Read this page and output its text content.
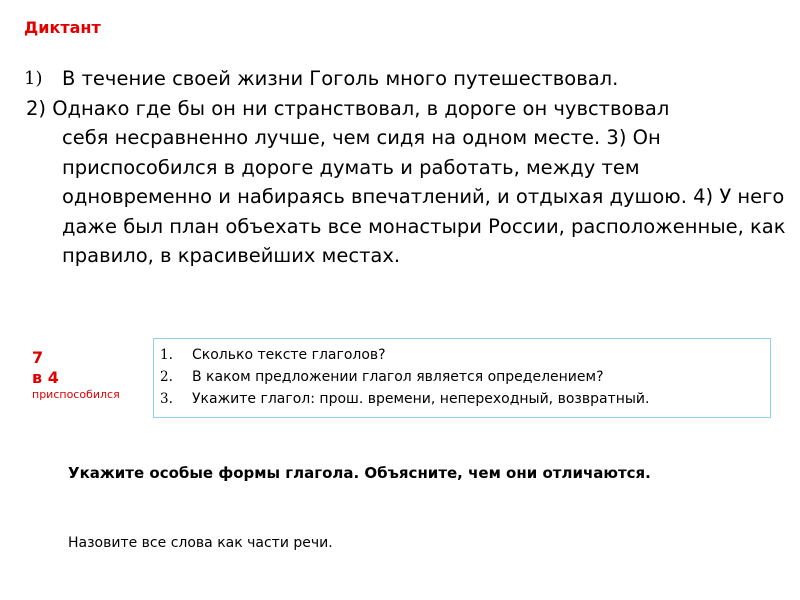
Диктант
1)	В течение своей жизни Гоголь много путешествовал.
2) Однако где бы он ни странствовал, в дороге он чувствовал
себя несравненно лучше, чем сидя на одном месте. 3) Он приспособился в дороге думать и работать, между тем одновременно и набираясь впечатлений, и отдыхая душою. 4) У него даже был план объехать все монастыри России, расположенные, как правило, в красивейших местах.
7
в 4
приспособился
1.	Сколько тексте глаголов?
2.	В каком предложении глагол является определением?
3.	Укажите глагол: прош. времени, непереходный, возвратный.
Укажите особые формы глагола. Объясните, чем они отличаются.
Назовите все слова как части речи.
